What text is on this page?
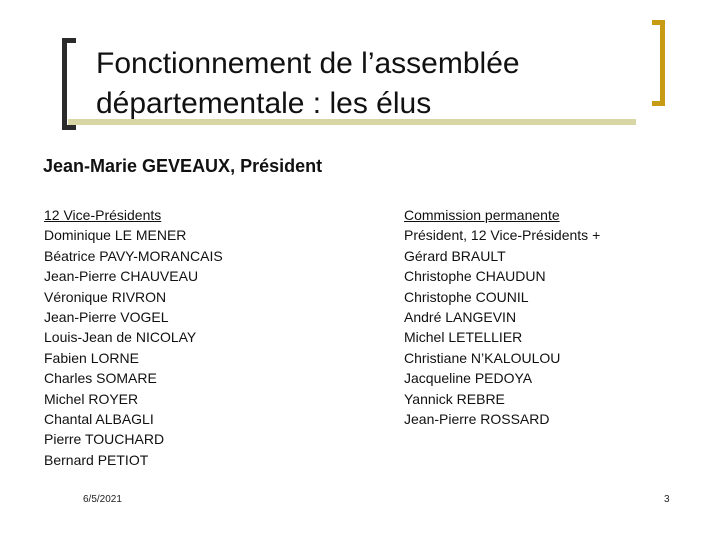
Fonctionnement de l’assemblée
départementale : les élus

Jean-Marie GEVEAUX, Président

12 Vice-Présidents
Dominique LE MENER
Béatrice PAVY-MORANCAIS
Jean-Pierre CHAUVEAU
Véronique RIVRON
Jean-Pierre VOGEL
Louis-Jean de NICOLAY
Fabien LORNE
Charles SOMARE
Michel ROYER
Chantal ALBAGLI
Pierre TOUCHARD
Bernard PETIOT
Commission permanente
Président, 12 Vice-Présidents +
Gérard BRAULT
Christophe CHAUDUN
Christophe COUNIL
André LANGEVIN
Michel LETELLIER
Christiane N’KALOULOU
Jacqueline PEDOYA
Yannick REBRE
Jean-Pierre ROSSARD
6/5/2021	3
